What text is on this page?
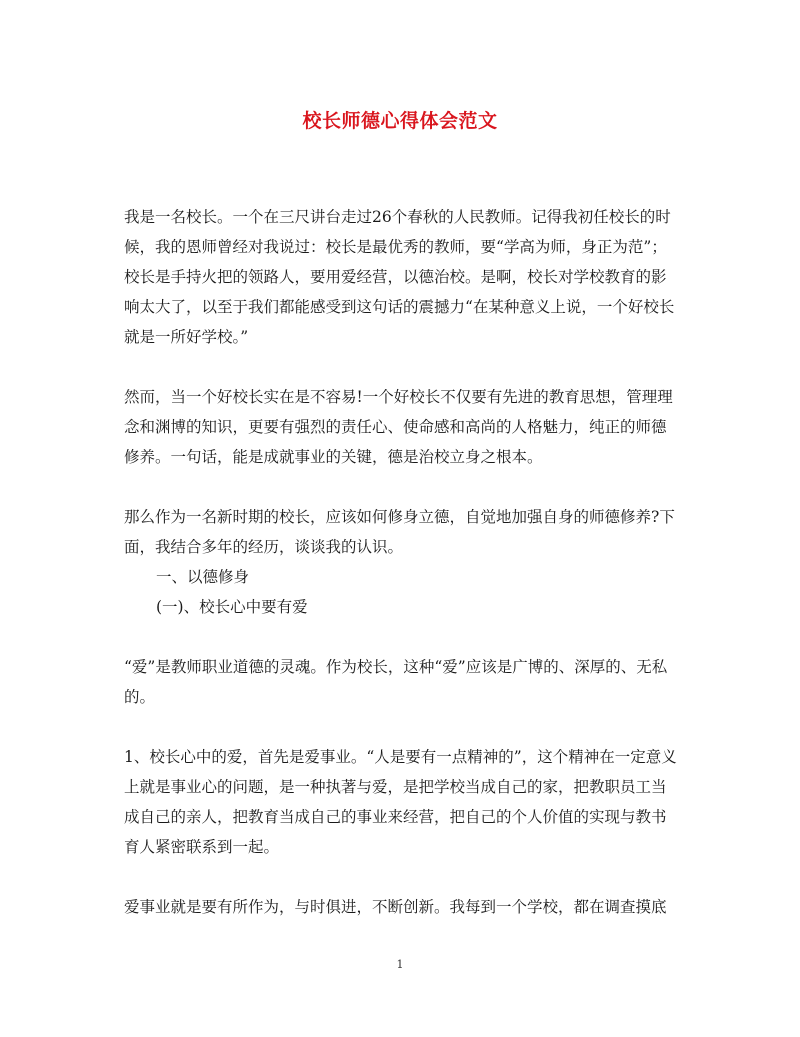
校长师德心得体会范文

我是一名校长。一个在三尺讲台走过26个春秋的人民教师。记得我初任校长的时候，我的恩师曾经对我说过：校长是最优秀的教师，要“学高为师，身正为范”；校长是手持火把的领路人，要用爱经营，以德治校。是啊，校长对学校教育的影响太大了，以至于我们都能感受到这句话的震撼力“在某种意义上说，一个好校长就是一所好学校。”

然而，当一个好校长实在是不容易!一个好校长不仅要有先进的教育思想，管理理念和渊博的知识，更要有强烈的责任心、使命感和高尚的人格魅力，纯正的师德修养。一句话，能是成就事业的关键，德是治校立身之根本。

那么作为一名新时期的校长，应该如何修身立德，自觉地加强自身的师德修养?下面，我结合多年的经历，谈谈我的认识。

一、以德修身

(一)、校长心中要有爱

“爱”是教师职业道德的灵魂。作为校长，这种“爱”应该是广博的、深厚的、无私的。

1、校长心中的爱，首先是爱事业。“人是要有一点精神的”，这个精神在一定意义上就是事业心的问题，是一种执著与爱，是把学校当成自己的家，把教职员工当成自己的亲人，把教育当成自己的事业来经营，把自己的个人价值的实现与教书育人紧密联系到一起。

爱事业就是要有所作为，与时俱进，不断创新。我每到一个学校，都在调查摸底

1
